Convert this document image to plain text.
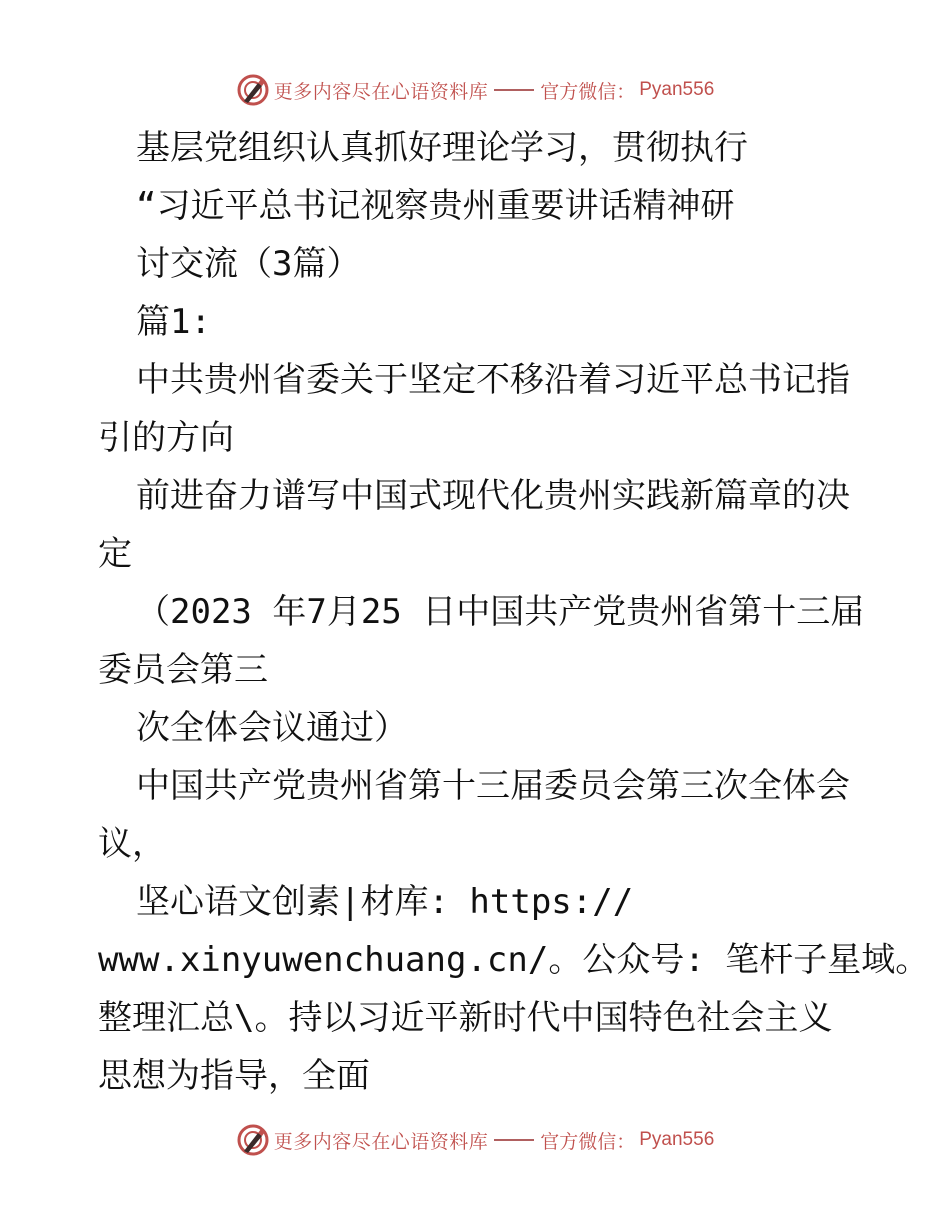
更多内容尽在心语资料库	官方微信： Pyan556
基层党组织认真抓好理论学习，贯彻执行
“习近平总书记视察贵州重要讲话精神研
讨交流（3篇）
篇1:
中共贵州省委关于坚定不移沿着习近平总书记指
引的方向
前进奋力谱写中国式现代化贵州实践新篇章的决
定
（2023 年7月25 日中国共产党贵州省第十三届
委员会第三
次全体会议通过）
中国共产党贵州省第十三届委员会第三次全体会
议，
坚心语文创素|材库: https://
www.xinyuwenchuang.cn/。公众号: 笔杆子星域。
整理汇总\。持以习近平新时代中国特色社会主义
思想为指导，全面
更多内容尽在心语资料库	官方微信： Pyan556
